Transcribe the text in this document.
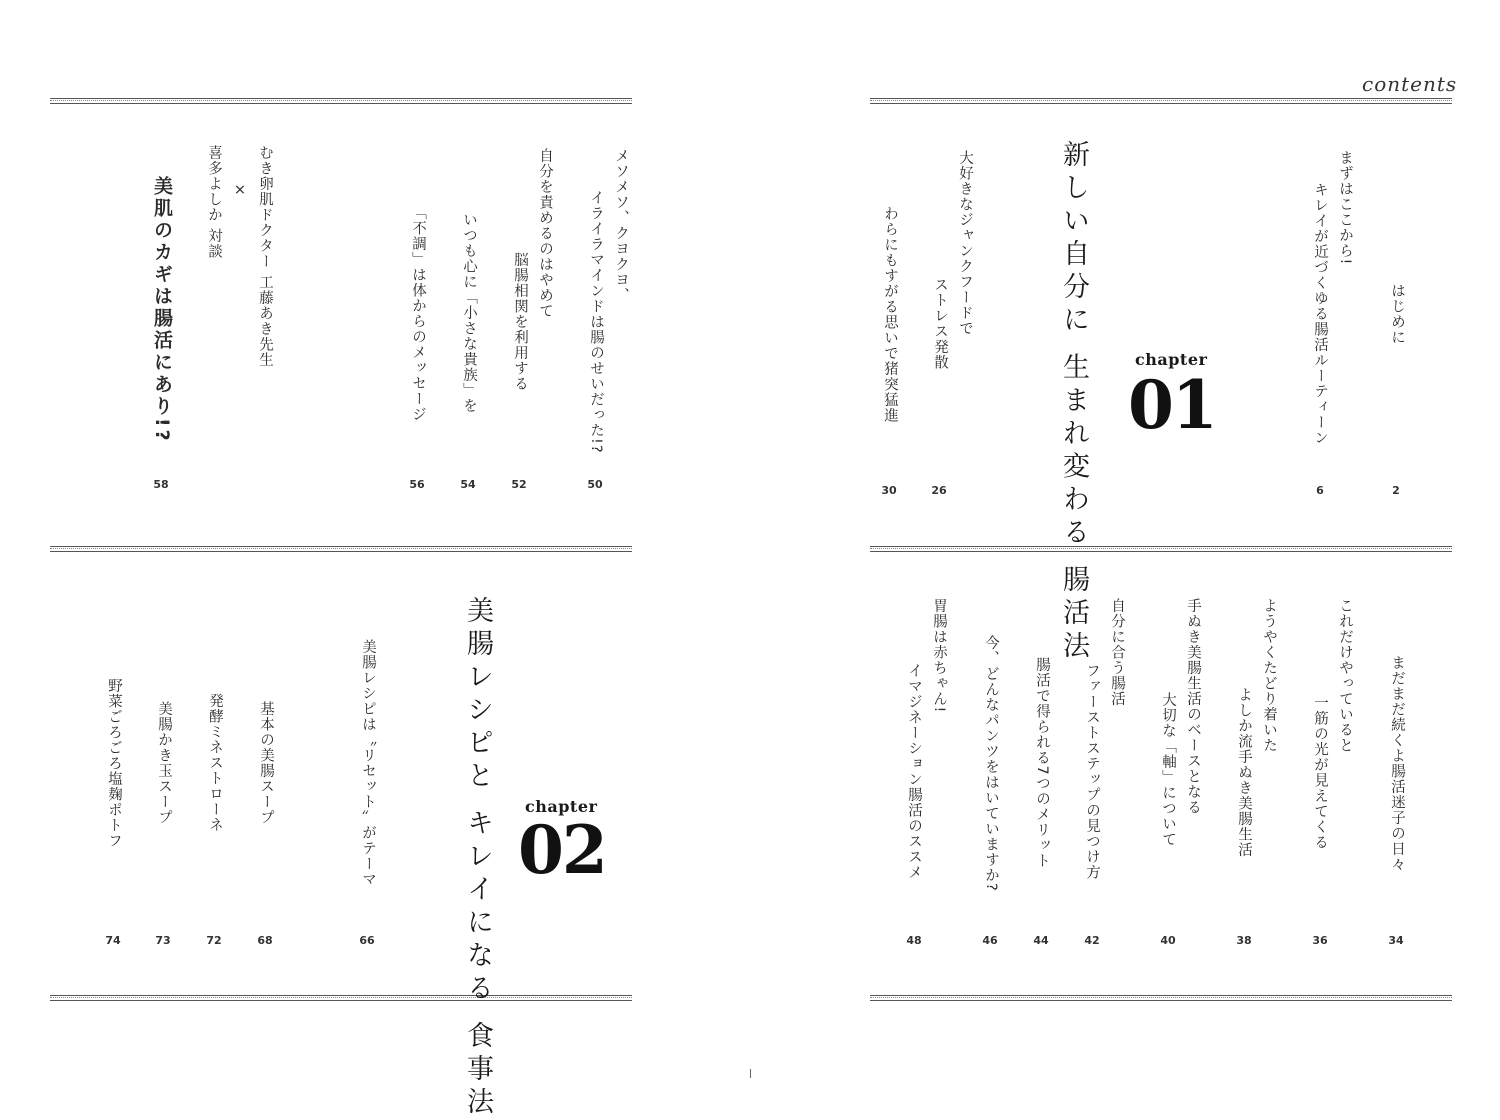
contents
はじめに
2
まずはここから!
キレイが近づくゆる腸活ルーティーン
6
新しい自分に 生まれ変わる 腸活法
chapter
01
大好きなジャンクフードで
ストレス発散
26
わらにもすがる思いで猪突猛進
30
メソメソ、クヨクヨ、
イライラマインドは腸のせいだった!?
50
自分を責めるのはやめて
脳腸相関を利用する
52
いつも心に「小さな貴族」を
54
「不調」は体からのメッセージ
56
むき卵肌ドクター 工藤あき先生
×
喜多よしか 対談
美肌のカギは腸活にあり!?
58
まだまだ続くよ腸活迷子の日々
34
これだけやっていると
一筋の光が見えてくる
36
ようやくたどり着いた
よしか流手ぬき美腸生活
38
手ぬき美腸生活のベースとなる
大切な「軸」について
40
自分に合う腸活
ファーストステップの見つけ方
42
腸活で得られる7つのメリット
44
今、どんなパンツをはいていますか?
46
胃腸は赤ちゃん!
イマジネーション腸活のススメ
48
美腸レシピと キレイになる 食事法
chapter
02
美腸レシピは〝リセット〟がテーマ
66
基本の美腸スープ
68
発酵ミネストローネ
72
美腸かき玉スープ
73
野菜ごろごろ塩麹ポトフ
74
